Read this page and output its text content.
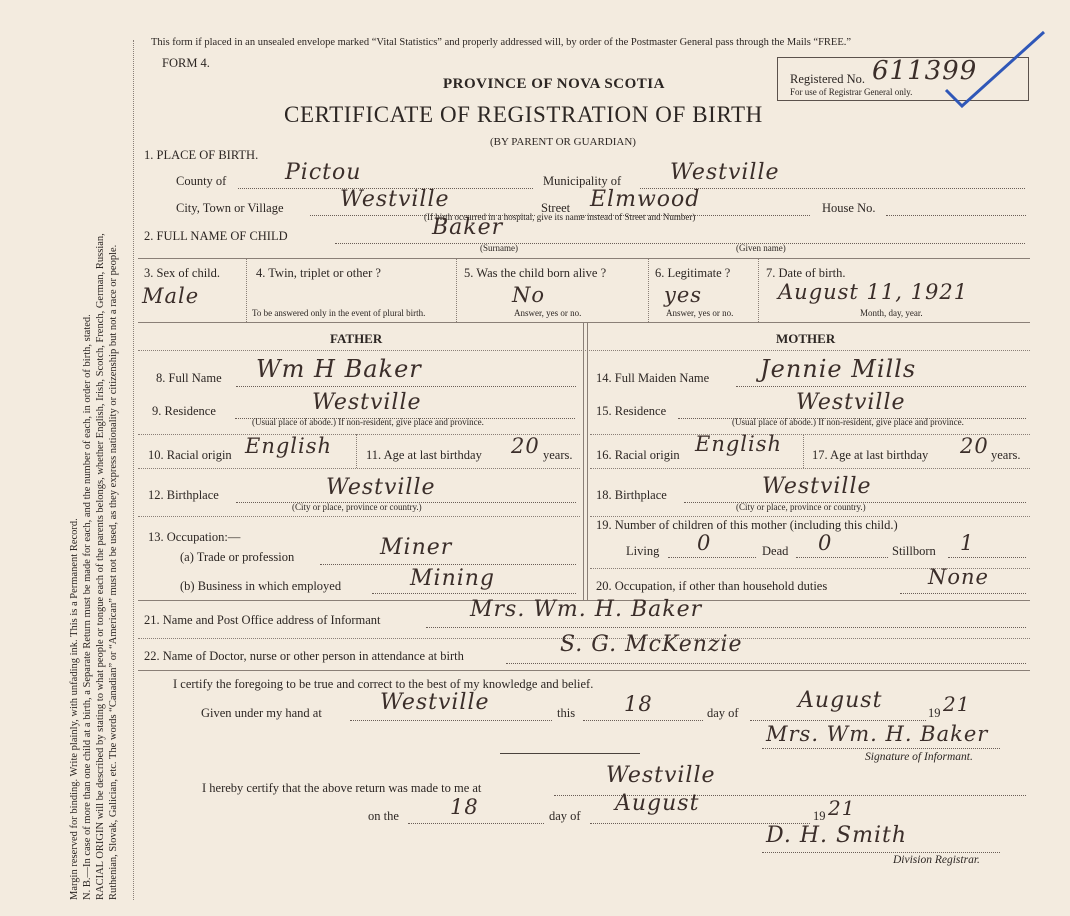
Margin reserved for binding. Write plainly, with unfading ink. This is a Permanent Record. N. B.—In case of more than one child at a birth, a Separate Return must be made for each, and the number of each, in order of birth, stated. RACIAL ORIGIN will be described by stating to what people or tongue each of the parents belongs, whether English, Irish, Scotch, French, German, Russian, Ruthenian, Slovak, Galician, etc. The words “Canadian” or “American” must not be used, as they express nationality or citizenship but not a race or people.
This form if placed in an unsealed envelope marked “Vital Statistics” and properly addressed will, by order of the Postmaster General pass through the Mails “FREE.”
FORM 4.
PROVINCE OF NOVA SCOTIA
CERTIFICATE OF REGISTRATION OF BIRTH
(BY PARENT OR GUARDIAN)
Registered No. 611399
For use of Registrar General only.
1. PLACE OF BIRTH.
County of	Pictou	Municipality of Westville
City, Town or Village	Westville	Street Elmwood	House No.
(If birth occurred in a hospital, give its name instead of Street and Number)
2. FULL NAME OF CHILD	Baker
(Surname)	(Given name)
3. Sex of child.
Male
4. Twin, triplet or other ?
To be answered only in the event of plural birth.
5. Was the child born alive ?
No
Answer, yes or no.
6. Legitimate ?
yes
Answer, yes or no.
7. Date of birth.
August 11, 1921
Month, day, year.
FATHER	MOTHER
8. Full Name Wm H Baker
9. Residence	Westville
(Usual place of abode.) If non-resident, give place and province.
10. Racial origin English	11. Age at last birthday 20 years.
12. Birthplace	Westville
(City or place, province or country.)
13. Occupation:—
(a) Trade or profession	Miner
(b) Business in which employed	Mining
14. Full Maiden Name Jennie Mills
15. Residence	Westville
(Usual place of abode.) If non-resident, give place and province.
16. Racial origin English 17. Age at last birthday 20 years.
18. Birthplace	Westville
(City or place, province or country.)
19. Number of children of this mother (including this child.)
Living 0	Dead 0	Stillborn 1
20. Occupation, if other than household duties	None
21. Name and Post Office address of Informant	Mrs. Wm. H. Baker
22. Name of Doctor, nurse or other person in attendance at birth	S. G. McKenzie
I certify the foregoing to be true and correct to the best of my knowledge and belief.
Given under my hand at	Westville	this 18	day of	August	19 21
Mrs. Wm. H. Baker
Signature of Informant.
I hereby certify that the above return was made to me at	Westville
on the 18	day of August	19 21
D. H. Smith
Division Registrar.
